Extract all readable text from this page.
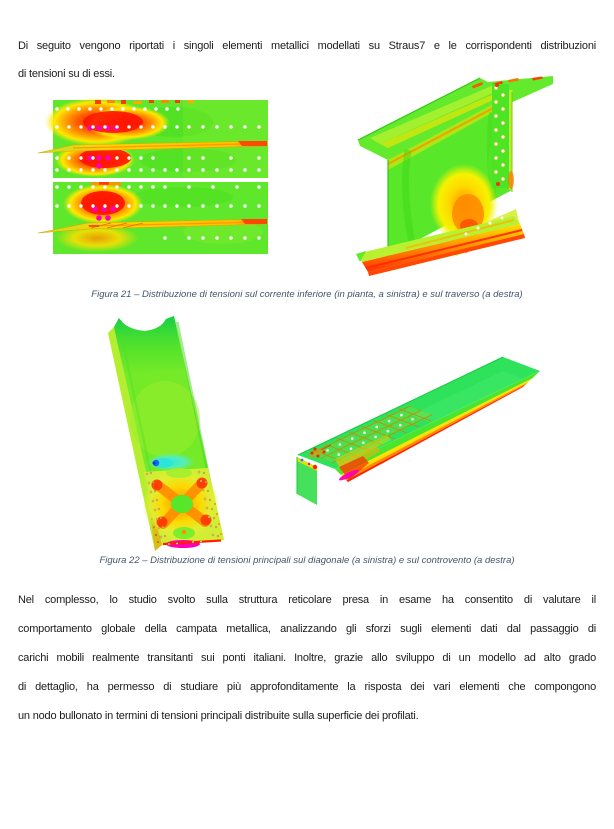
Di seguito vengono riportati i singoli elementi metallici modellati su Straus7 e le corrispondenti distribuzioni
di tensioni su di essi.
Figura 21 – Distribuzione di tensioni sul corrente inferiore (in pianta, a sinistra) e sul traverso (a destra)
Figura 22 – Distribuzione di tensioni principali sul diagonale (a sinistra) e sul controvento (a destra)
Nel complesso, lo studio svolto sulla struttura reticolare presa in esame ha consentito di valutare il
comportamento globale della campata metallica, analizzando gli sforzi sugli elementi dati dal passaggio di
carichi mobili realmente transitanti sui ponti italiani. Inoltre, grazie allo sviluppo di un modello ad alto grado
di dettaglio, ha permesso di studiare più approfonditamente la risposta dei vari elementi che compongono
un nodo bullonato in termini di tensioni principali distribuite sulla superficie dei profilati.
